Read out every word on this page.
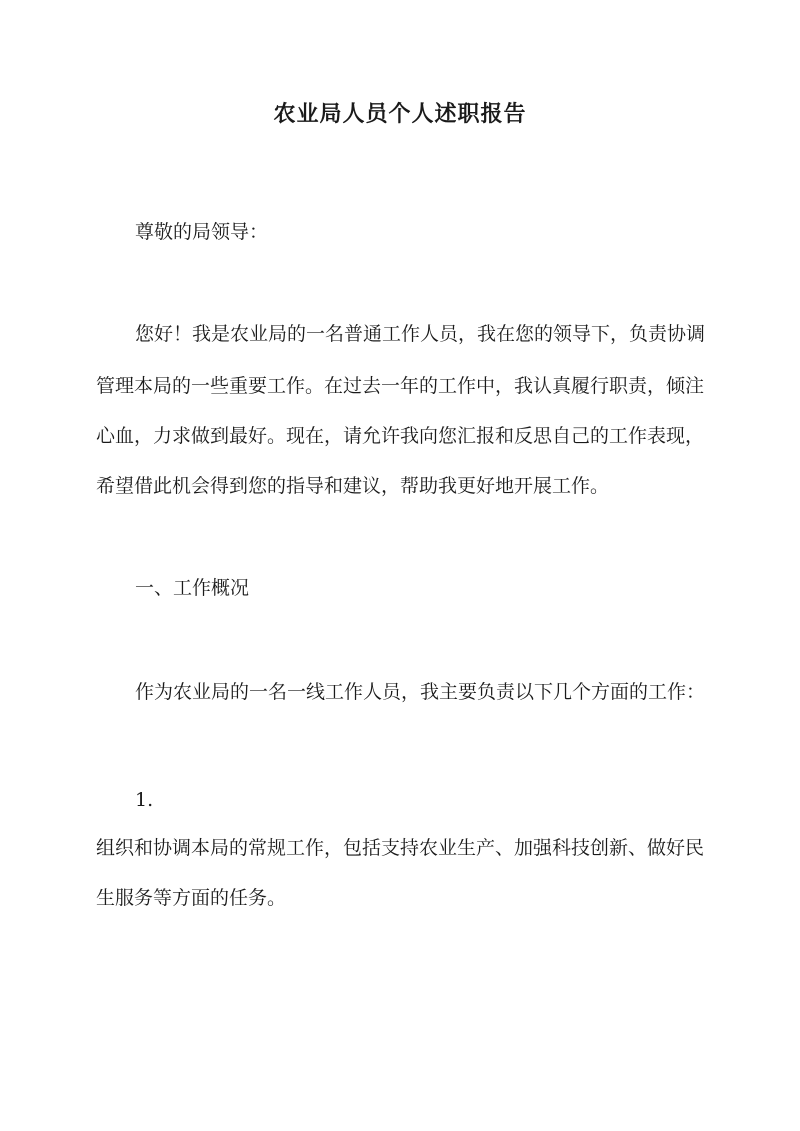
农业局人员个人述职报告
尊敬的局领导：
您好！我是农业局的一名普通工作人员，我在您的领导下，负责协调
管理本局的一些重要工作。在过去一年的工作中，我认真履行职责，倾注
心血，力求做到最好。现在，请允许我向您汇报和反思自己的工作表现，
希望借此机会得到您的指导和建议，帮助我更好地开展工作。
一、工作概况
作为农业局的一名一线工作人员，我主要负责以下几个方面的工作：
1.
组织和协调本局的常规工作，包括支持农业生产、加强科技创新、做好民
生服务等方面的任务。
